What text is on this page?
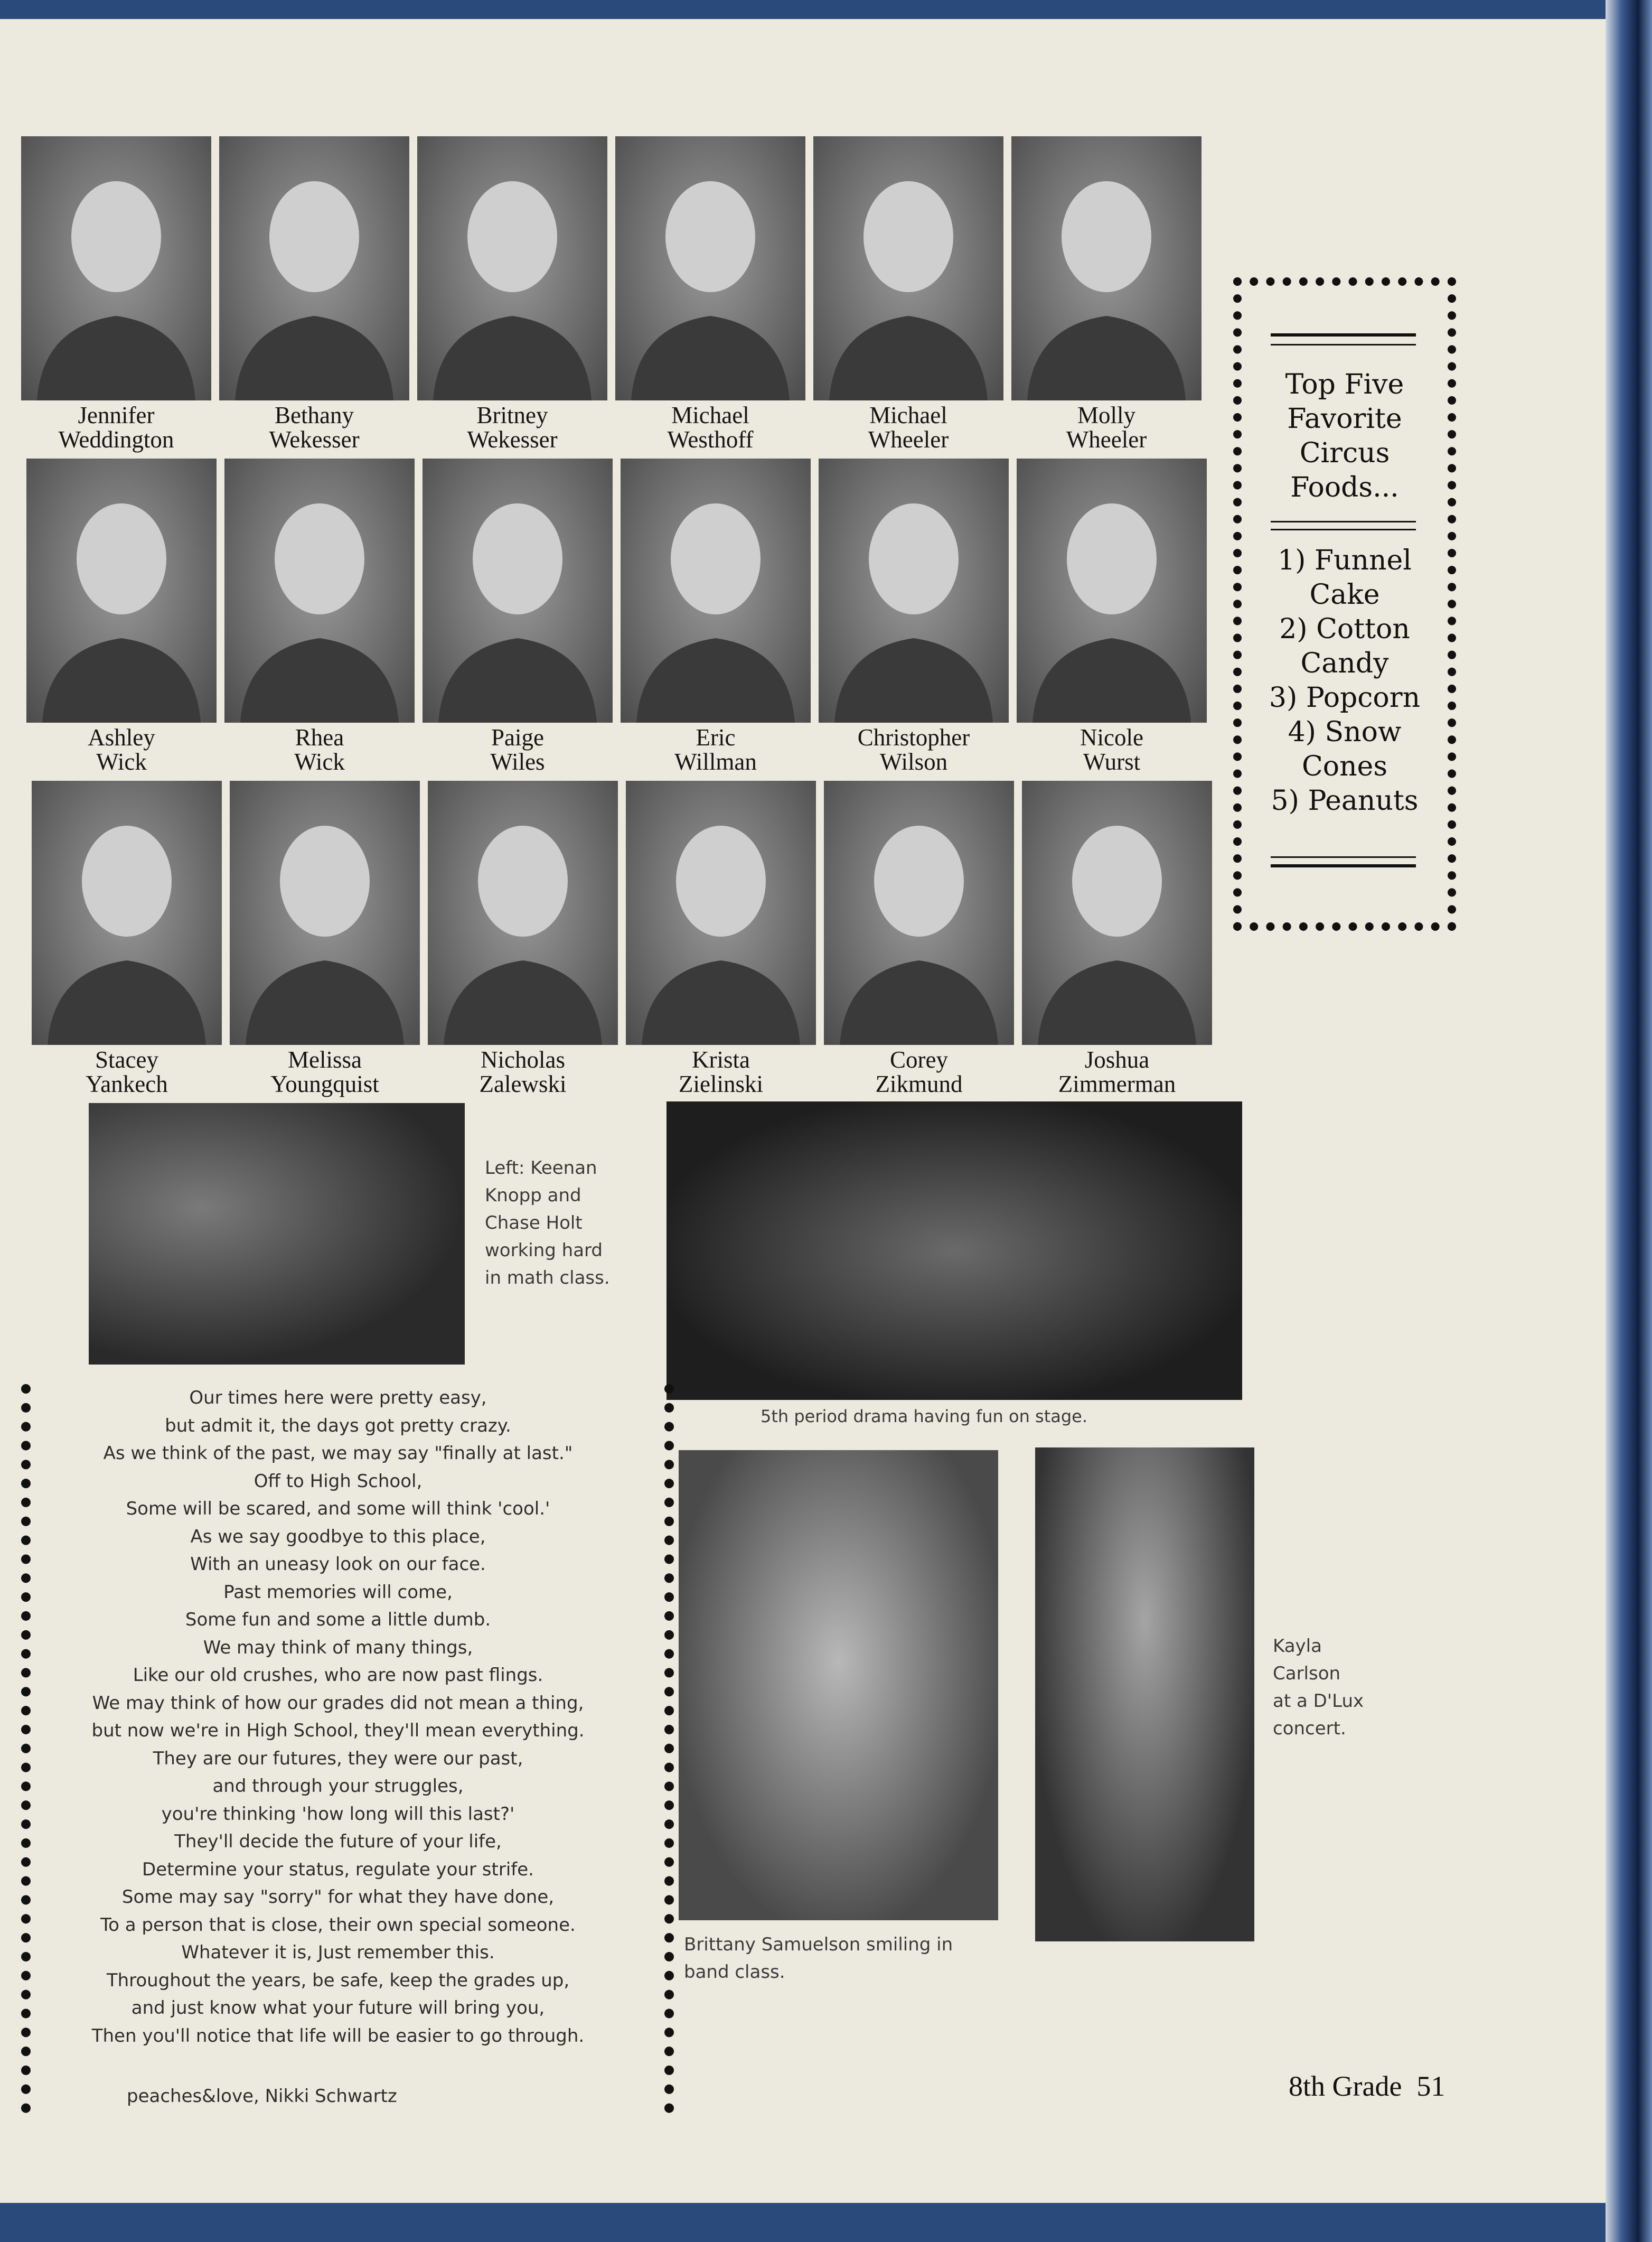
Jennifer
Weddington
Bethany
Wekesser
Britney
Wekesser
Michael
Westhoff
Michael
Wheeler
Molly
Wheeler
Ashley
Wick
Rhea
Wick
Paige
Wiles
Eric
Willman
Christopher
Wilson
Nicole
Wurst
Stacey
Yankech
Melissa
Youngquist
Nicholas
Zalewski
Krista
Zielinski
Corey
Zikmund
Joshua
Zimmerman
Top Five
Favorite
Circus
Foods...
1) Funnel
Cake
2) Cotton
Candy
3) Popcorn
4) Snow
Cones
5) Peanuts
Left: Keenan
Knopp and
Chase Holt
working hard
in math class.
5th period drama having fun on stage.
Brittany Samuelson smiling in
band class.
Kayla
Carlson
at a D'Lux
concert.
Our times here were pretty easy,
but admit it, the days got pretty crazy.
As we think of the past, we may say "finally at last."
Off to High School,
Some will be scared, and some will think 'cool.'
As we say goodbye to this place,
With an uneasy look on our face.
Past memories will come,
Some fun and some a little dumb.
We may think of many things,
Like our old crushes, who are now past flings.
We may think of how our grades did not mean a thing,
but now we're in High School, they'll mean everything.
They are our futures, they were our past,
and through your struggles,
you're thinking 'how long will this last?'
They'll decide the future of your life,
Determine your status, regulate your strife.
Some may say "sorry" for what they have done,
To a person that is close, their own special someone.
Whatever it is, Just remember this.
Throughout the years, be safe, keep the grades up,
and just know what your future will bring you,
Then you'll notice that life will be easier to go through.
peaches&love, Nikki Schwartz	8th Grade 51
